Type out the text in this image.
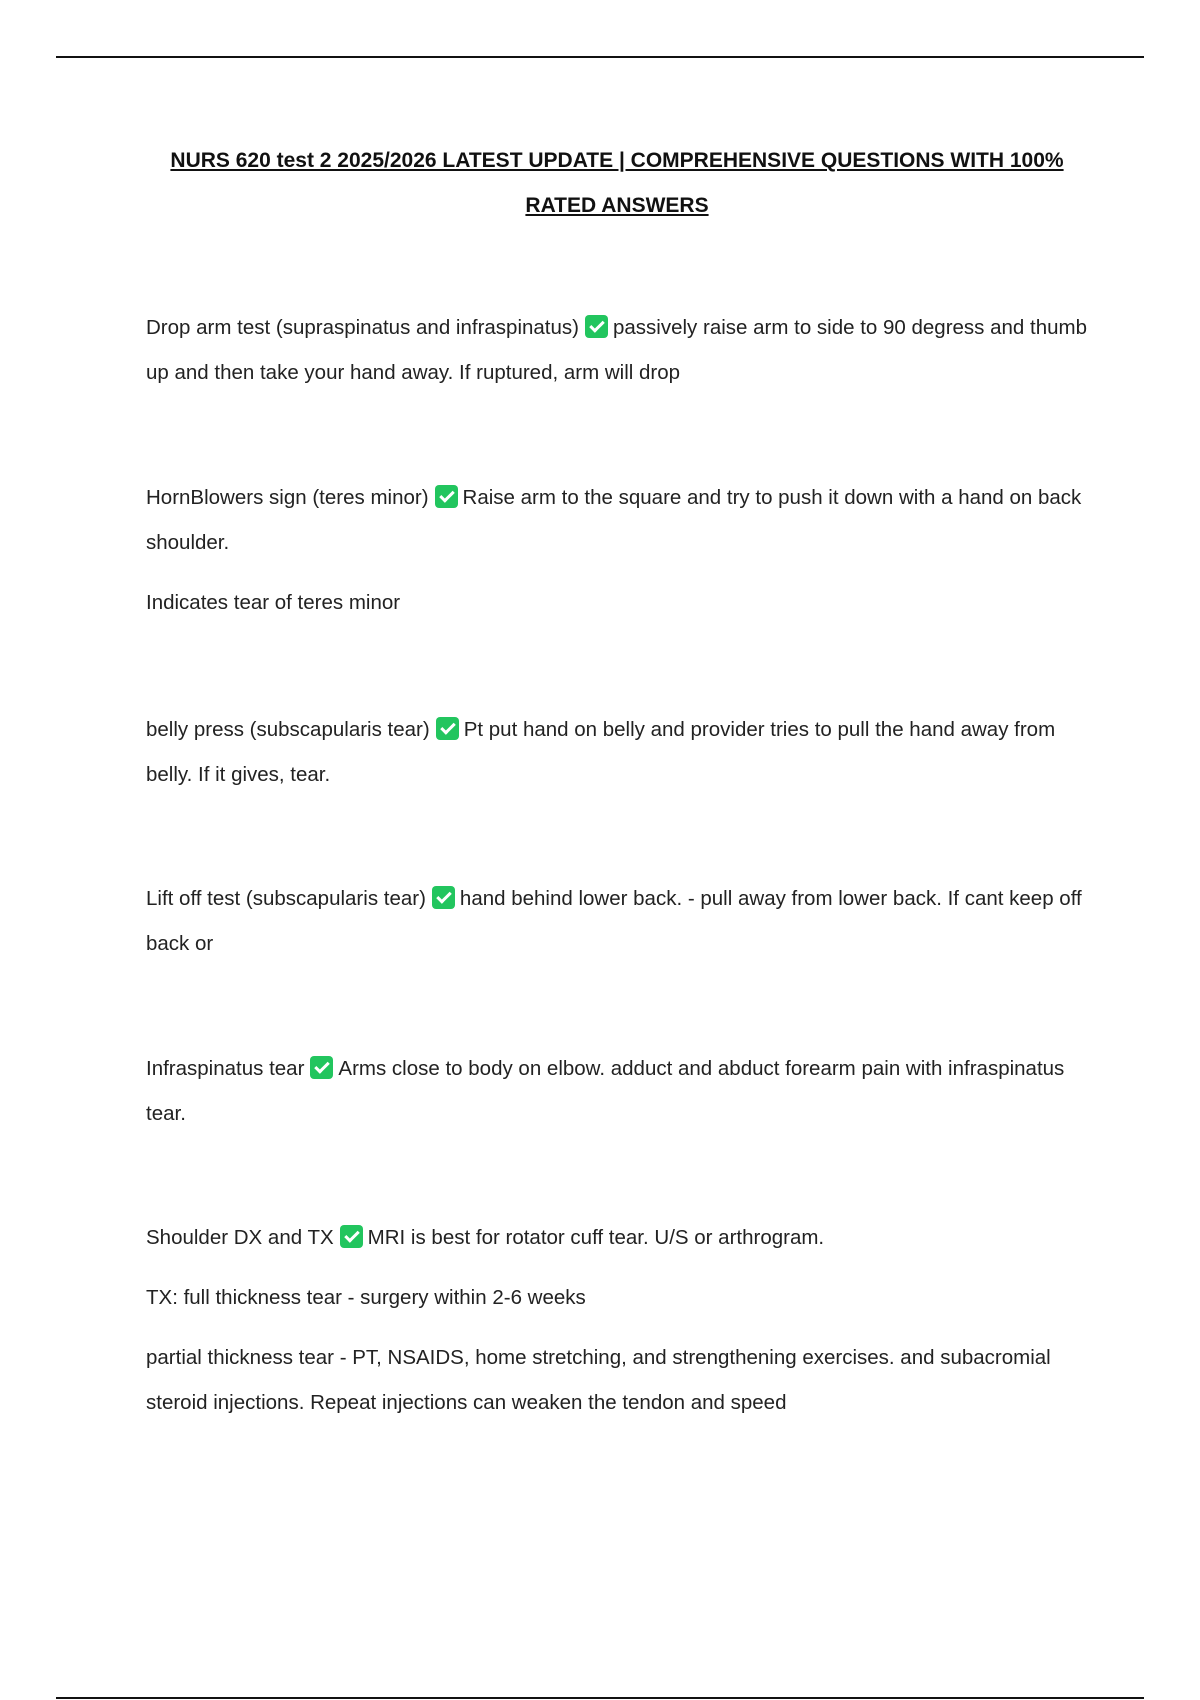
NURS 620 test 2 2025/2026 LATEST UPDATE | COMPREHENSIVE QUESTIONS WITH 100% RATED ANSWERS

Drop arm test (supraspinatus and infraspinatus) passively raise arm to side to 90 degress and thumb up and then take your hand away. If ruptured, arm will drop

HornBlowers sign (teres minor) Raise arm to the square and try to push it down with a hand on back shoulder.

Indicates tear of teres minor

belly press (subscapularis tear) Pt put hand on belly and provider tries to pull the hand away from belly. If it gives, tear.

Lift off test (subscapularis tear) hand behind lower back. - pull away from lower back. If cant keep off back or

Infraspinatus tear Arms close to body on elbow. adduct and abduct forearm pain with infraspinatus tear.

Shoulder DX and TX MRI is best for rotator cuff tear. U/S or arthrogram.

TX: full thickness tear - surgery within 2-6 weeks

partial thickness tear - PT, NSAIDS, home stretching, and strengthening exercises. and subacromial steroid injections. Repeat injections can weaken the tendon and speed
